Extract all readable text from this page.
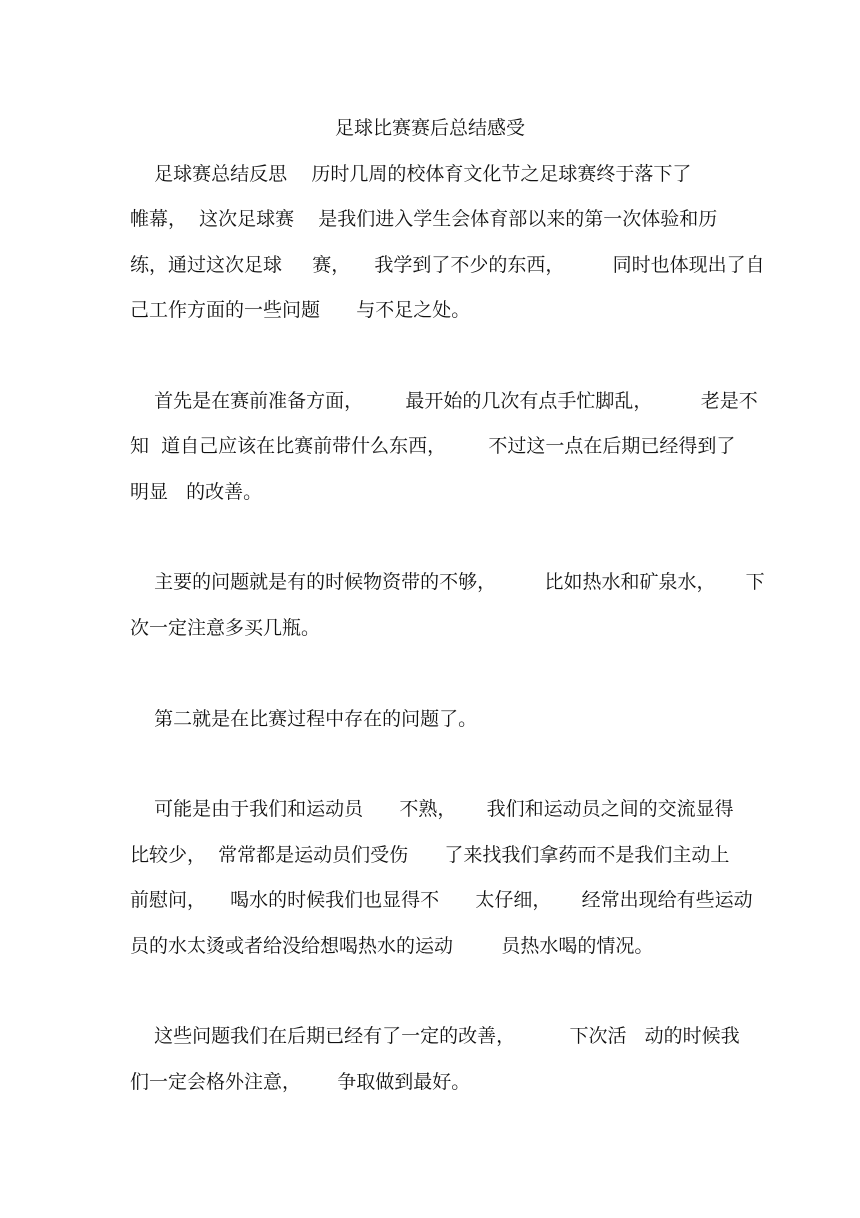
足球比赛赛后总结感受
足球赛总结反思    历时几周的校体育文化节之足球赛终于落下了
帷幕，  这次足球赛    是我们进入学生会体育部以来的第一次体验和历
练，通过这次足球     赛，    我学到了不少的东西，        同时也体现出了自
己工作方面的一些问题      与不足之处。
首先是在赛前准备方面，       最开始的几次有点手忙脚乱，        老是不
知  道自己应该在比赛前带什么东西，       不过这一点在后期已经得到了
明显   的改善。
主要的问题就是有的时候物资带的不够，        比如热水和矿泉水，     下
次一定注意多买几瓶。
第二就是在比赛过程中存在的问题了。
可能是由于我们和运动员      不熟，     我们和运动员之间的交流显得
比较少，  常常都是运动员们受伤      了来找我们拿药而不是我们主动上
前慰问，    喝水的时候我们也显得不      太仔细，     经常出现给有些运动
员的水太烫或者给没给想喝热水的运动        员热水喝的情况。
这些问题我们在后期已经有了一定的改善，         下次活   动的时候我
们一定会格外注意，      争取做到最好。
